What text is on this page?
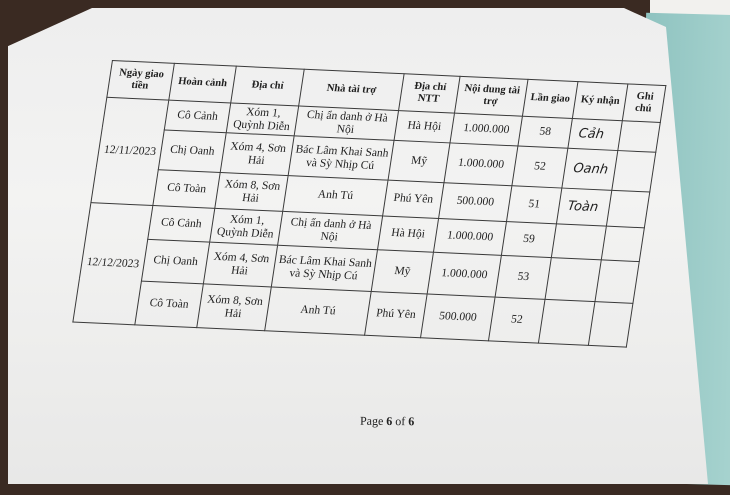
Ngày giao tiền	Hoàn cảnh	Địa chỉ	Nhà tài trợ	Địa chỉ NTT	Nội dung tài trợ	Lần giao	Ký nhận	Ghi chú
12/11/2023	Cô Cảnh	Xóm 1, Quỳnh Diễn	Chị ẩn danh ở Hà Nội	Hà Hội	1.000.000	58	Cảh	
	Chị Oanh	Xóm 4, Sơn Hải	Bác Lâm Khai Sanh và Sỳ Nhịp Cú	Mỹ	1.000.000	52	Oanh	
	Cô Toàn	Xóm 8, Sơn Hải	Anh Tú	Phú Yên	500.000	51	Toàn	
12/12/2023	Cô Cảnh	Xóm 1, Quỳnh Diễn	Chị ẩn danh ở Hà Nội	Hà Hội	1.000.000	59		
	Chị Oanh	Xóm 4, Sơn Hải	Bác Lâm Khai Sanh và Sỳ Nhịp Cú	Mỹ	1.000.000	53		
	Cô Toàn	Xóm 8, Sơn Hải	Anh Tú	Phú Yên	500.000	52		
Page 6 of 6
